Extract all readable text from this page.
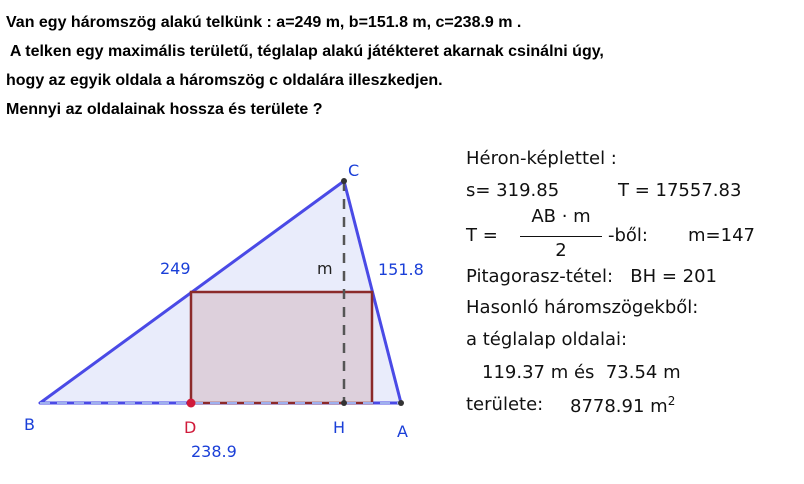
Van egy háromszög alakú telkünk : a=249 m, b=151.8 m, c=238.9 m .
A telken egy maximális területű, téglalap alakú játékteret akarnak csinálni úgy,
hogy az egyik oldala a háromszög c oldalára illeszkedjen.
Mennyi az oldalainak hossza és területe ?
C
B	A
H
D
249	151.8
238.9
m
Héron-képlettel :
s= 319.85	T = 17557.83
T =
AB · m
2
-ből: m=147
Pitagorasz-tétel:   BH = 201
Hasonló háromszögekből:
a téglalap oldalai:
119.37 m és  73.54 m
területe: 8778.91 $m^2$
